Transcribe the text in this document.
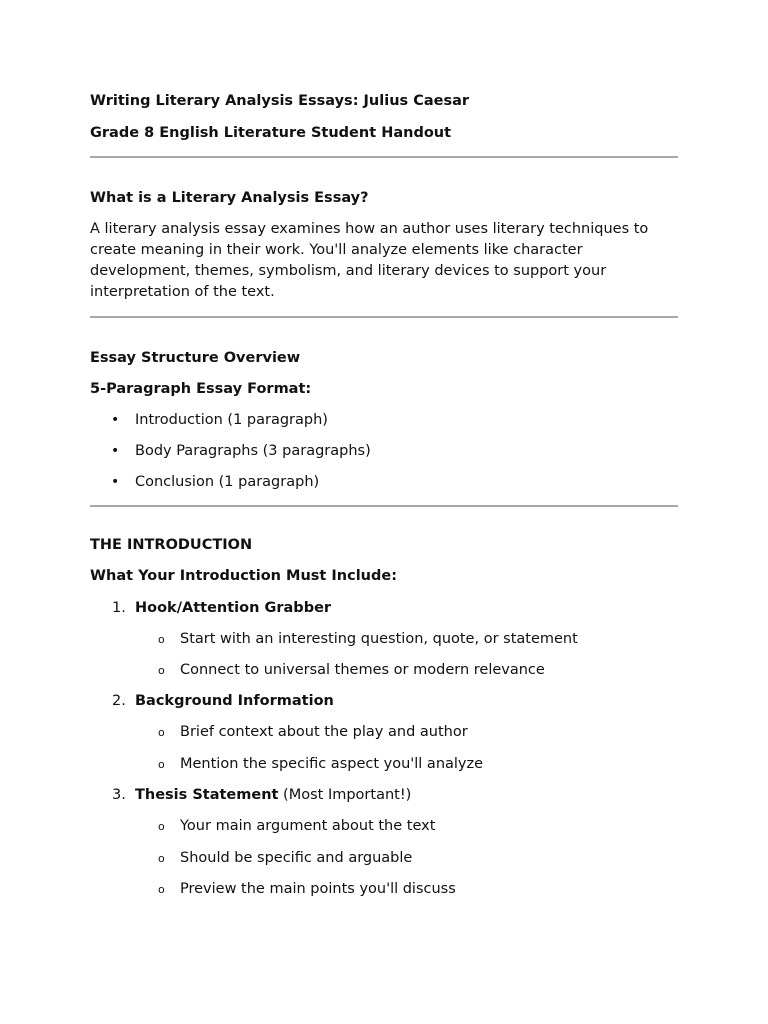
Writing Literary Analysis Essays: Julius Caesar
Grade 8 English Literature Student Handout
What is a Literary Analysis Essay?

A literary analysis essay examines how an author uses literary techniques to create meaning in their work. You'll analyze elements like character development, themes, symbolism, and literary devices to support your interpretation of the text.

Essay Structure Overview
5-Paragraph Essay Format:
• Introduction (1 paragraph)
• Body Paragraphs (3 paragraphs)
• Conclusion (1 paragraph)
THE INTRODUCTION
What Your Introduction Must Include:
1. Hook/Attention Grabber
o Start with an interesting question, quote, or statement
o Connect to universal themes or modern relevance
2. Background Information
o Brief context about the play and author
o Mention the specific aspect you'll analyze
3. Thesis Statement (Most Important!)
o Your main argument about the text
o Should be specific and arguable
o Preview the main points you'll discuss
